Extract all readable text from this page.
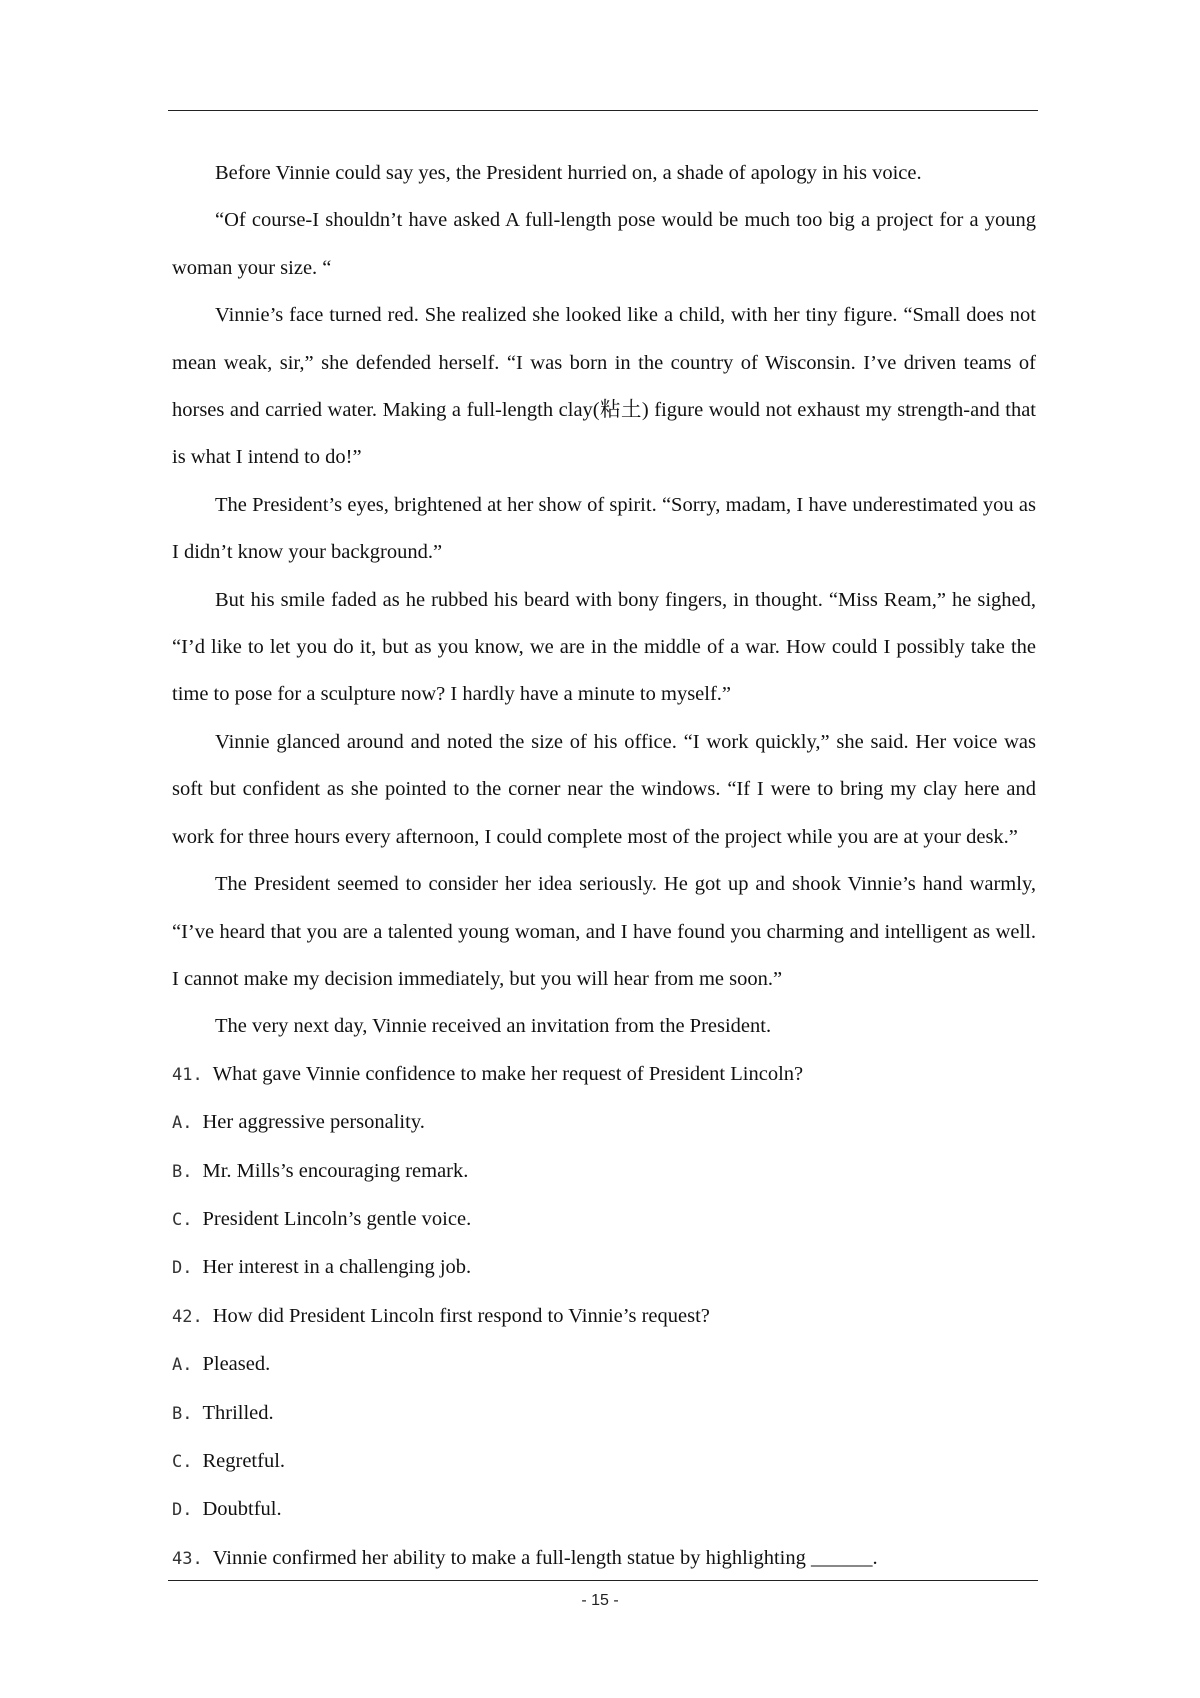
Before Vinnie could say yes, the President hurried on, a shade of apology in his voice.

“Of course-I shouldn’t have asked A full-length pose would be much too big a project for a young woman your size. “

Vinnie’s face turned red. She realized she looked like a child, with her tiny figure. “Small does not mean weak, sir,” she defended herself. “I was born in the country of Wisconsin. I’ve driven teams of horses and carried water. Making a full-length clay(粘土) figure would not exhaust my strength-and that is what I intend to do!”

The President’s eyes, brightened at her show of spirit. “Sorry, madam, I have underestimated you as I didn’t know your background.”

But his smile faded as he rubbed his beard with bony fingers, in thought. “Miss Ream,” he sighed, “I’d like to let you do it, but as you know, we are in the middle of a war. How could I possibly take the time to pose for a sculpture now? I hardly have a minute to myself.”

Vinnie glanced around and noted the size of his office. “I work quickly,” she said. Her voice was soft but confident as she pointed to the corner near the windows. “If I were to bring my clay here and work for three hours every afternoon, I could complete most of the project while you are at your desk.”

The President seemed to consider her idea seriously. He got up and shook Vinnie’s hand warmly, “I’ve heard that you are a talented young woman, and I have found you charming and intelligent as well. I cannot make my decision immediately, but you will hear from me soon.”

The very next day, Vinnie received an invitation from the President.

41. What gave Vinnie confidence to make her request of President Lincoln?

A. Her aggressive personality.

B. Mr. Mills’s encouraging remark.

C. President Lincoln’s gentle voice.

D. Her interest in a challenging job.

42. How did President Lincoln first respond to Vinnie’s request?

A. Pleased.

B. Thrilled.

C. Regretful.

D. Doubtful.

43. Vinnie confirmed her ability to make a full-length statue by highlighting ______.

- 15 -
